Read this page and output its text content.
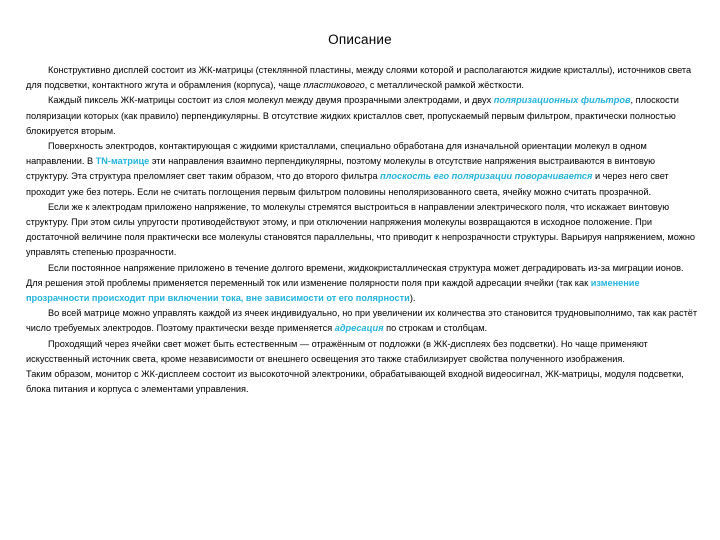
Описание

Конструктивно дисплей состоит из ЖК-матрицы (стеклянной пластины, между слоями которой и располагаются жидкие кристаллы), источников света для подсветки, контактного жгута и обрамления (корпуса), чаще пластикового, с металлической рамкой жёсткости.

Каждый пиксель ЖК-матрицы состоит из слоя молекул между двумя прозрачными электродами, и двух поляризационных фильтров, плоскости поляризации которых (как правило) перпендикулярны. В отсутствие жидких кристаллов свет, пропускаемый первым фильтром, практически полностью блокируется вторым.

Поверхность электродов, контактирующая с жидкими кристаллами, специально обработана для изначальной ориентации молекул в одном направлении. В TN-матрице эти направления взаимно перпендикулярны, поэтому молекулы в отсутствие напряжения выстраиваются в винтовую структуру. Эта структура преломляет свет таким образом, что до второго фильтра плоскость его поляризации поворачивается и через него свет проходит уже без потерь. Если не считать поглощения первым фильтром половины неполяризованного света, ячейку можно считать прозрачной.

Если же к электродам приложено напряжение, то молекулы стремятся выстроиться в направлении электрического поля, что искажает винтовую структуру. При этом силы упругости противодействуют этому, и при отключении напряжения молекулы возвращаются в исходное положение. При достаточной величине поля практически все молекулы становятся параллельны, что приводит к непрозрачности структуры. Варьируя напряжением, можно управлять степенью прозрачности.

Если постоянное напряжение приложено в течение долгого времени, жидкокристаллическая структура может деградировать из-за миграции ионов. Для решения этой проблемы применяется переменный ток или изменение полярности поля при каждой адресации ячейки (так как изменение прозрачности происходит при включении тока, вне зависимости от его полярности).

Во всей матрице можно управлять каждой из ячеек индивидуально, но при увеличении их количества это становится трудновыполнимо, так как растёт число требуемых электродов. Поэтому практически везде применяется адресация по строкам и столбцам.

Проходящий через ячейки свет может быть естественным — отражённым от подложки (в ЖК-дисплеях без подсветки). Но чаще применяют искусственный источник света, кроме независимости от внешнего освещения это также стабилизирует свойства полученного изображения.

Таким образом, монитор с ЖК-дисплеем состоит из высокоточной электроники, обрабатывающей входной видеосигнал, ЖК-матрицы, модуля подсветки, блока питания и корпуса с элементами управления.
